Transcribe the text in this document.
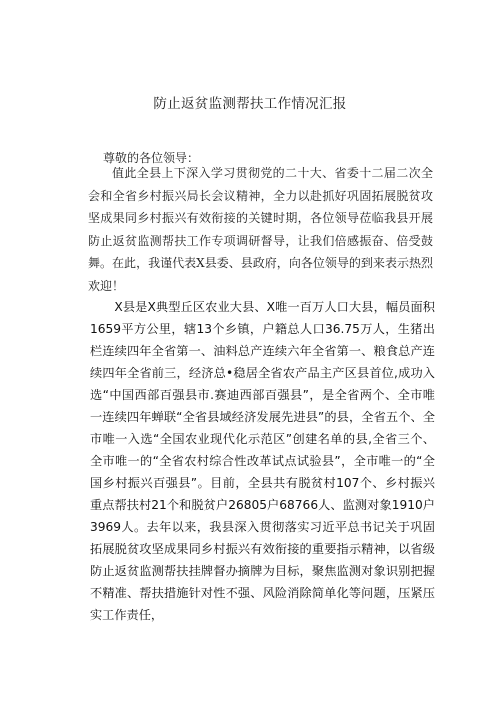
防止返贫监测帮扶工作情况汇报
尊敬的各位领导：

值此全县上下深入学习贯彻党的二十大、省委十二届二次全会和全省乡村振兴局长会议精神，全力以赴抓好巩固拓展脱贫攻坚成果同乡村振兴有效衔接的关键时期，各位领导莅临我县开展防止返贫监测帮扶工作专项调研督导，让我们倍感振奋、倍受鼓舞。在此，我谨代表X县委、县政府，向各位领导的到来表示热烈欢迎！

X县是X典型丘区农业大县、X唯一百万人口大县，幅员面积1659平方公里，辖13个乡镇，户籍总人口36.75万人，生猪出栏连续四年全省第一、油料总产连续六年全省第一、粮食总产连续四年全省前三，经济总•稳居全省农产品主产区县首位,成功入选“中国西部百强县市.赛迪西部百强县”，是全省两个、全市唯一连续四年蝉联“全省县域经济发展先进县”的县，全省五个、全市唯一入选“全国农业现代化示范区”创建名单的县,全省三个、全市唯一的“全省农村综合性改革试点试验县”，全市唯一的“全国乡村振兴百强县”。目前，全县共有脱贫村107个、乡村振兴重点帮扶村21个和脱贫户26805户68766人、监测对象1910户3969人。去年以来，我县深入贯彻落实习近平总书记关于巩固拓展脱贫攻坚成果同乡村振兴有效衔接的重要指示精神，以省级防止返贫监测帮扶挂牌督办摘牌为目标，聚焦监测对象识别把握不精准、帮扶措施针对性不强、风险消除简单化等问题，压紧压实工作责任，
